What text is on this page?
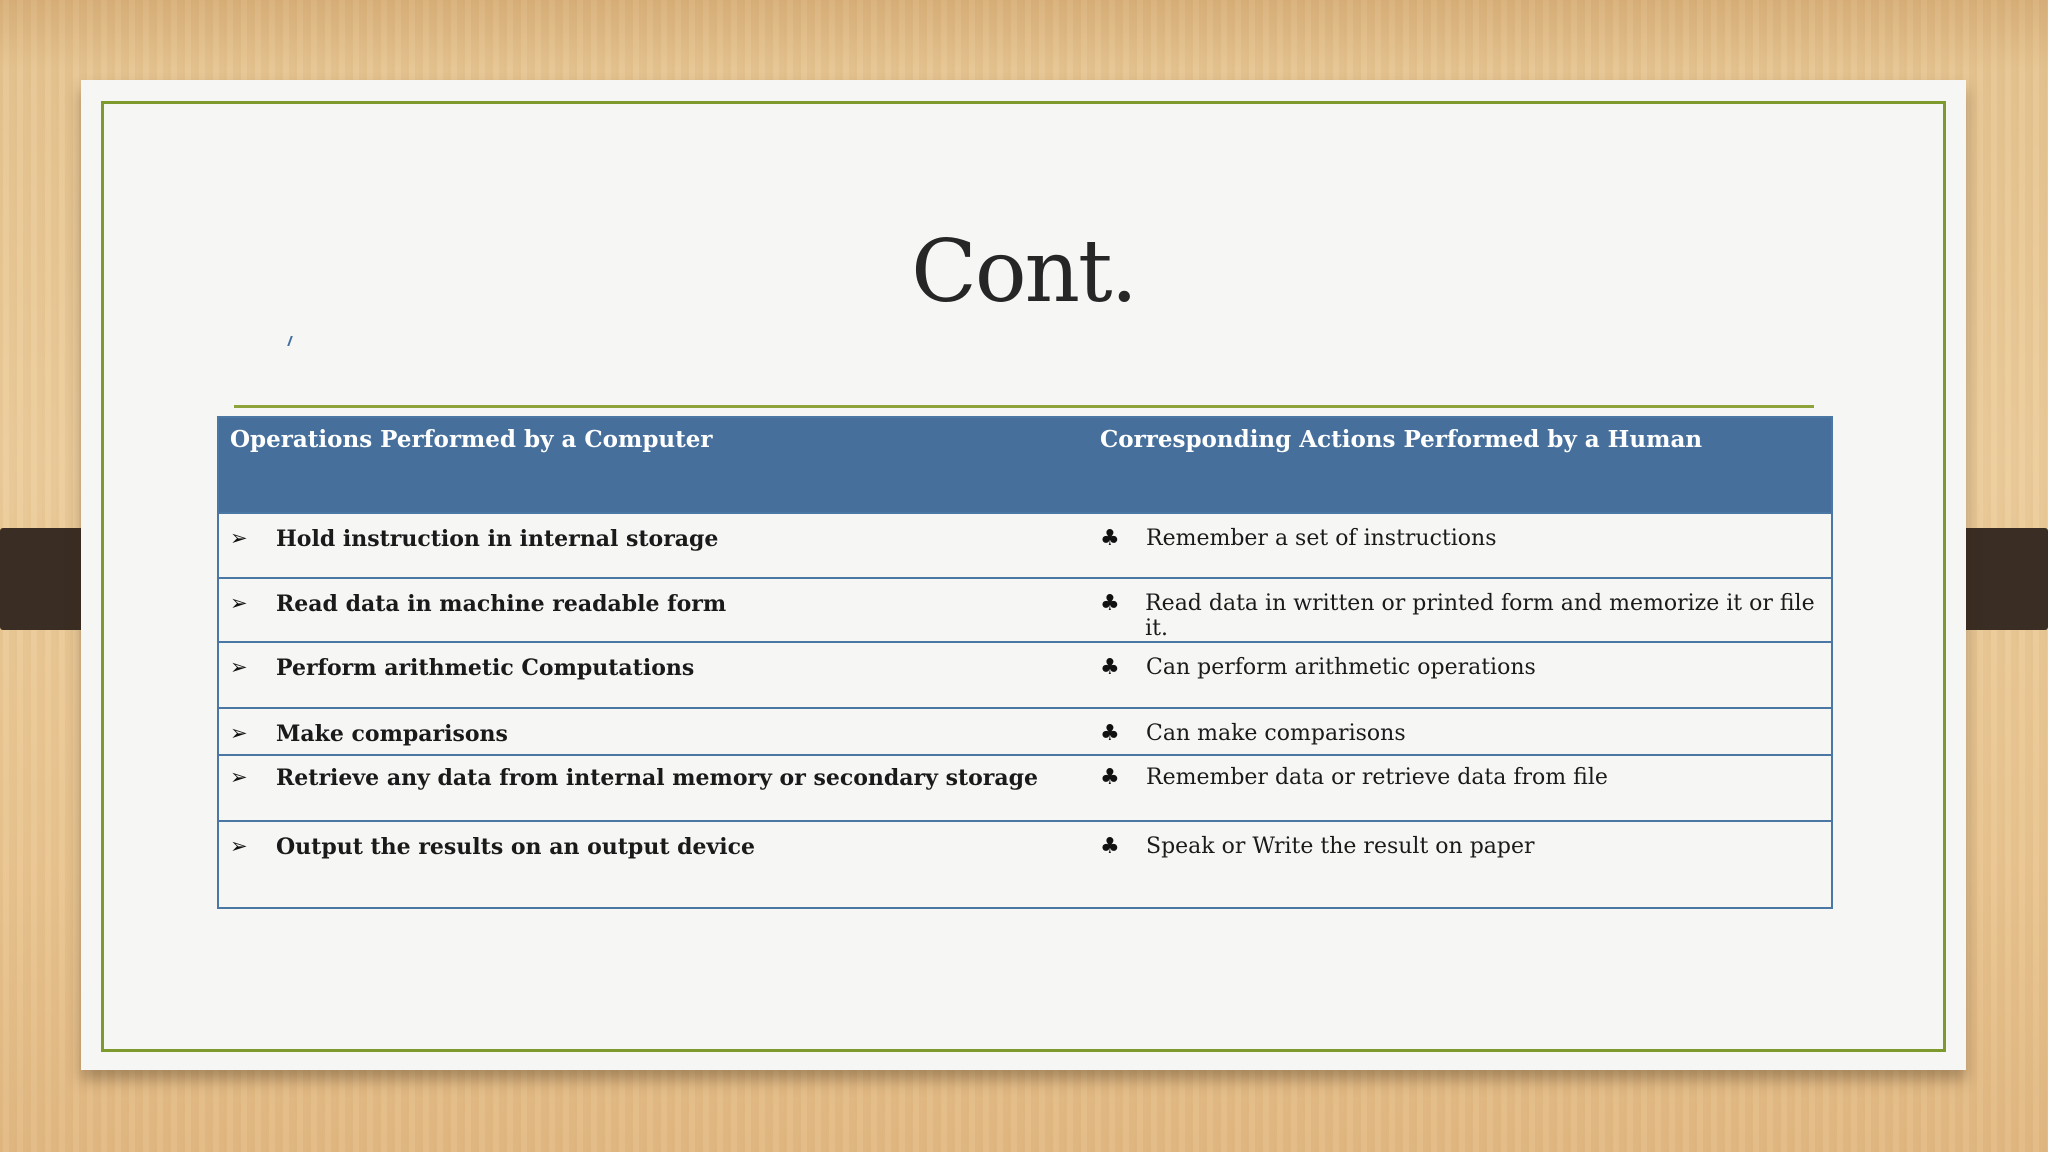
Cont.
Operations Performed by a Computer	Corresponding Actions Performed by a Human

➢ Hold instruction in internal storage	♣ Remember a set of instructions

➢ Read data in machine readable form	♣ Read data in written or printed form and memorize it or file it.

➢ Perform arithmetic Computations	♣ Can perform arithmetic operations

➢ Make comparisons	♣ Can make comparisons

➢ Retrieve any data from internal memory or secondary storage	♣ Remember data or retrieve data from file

➢ Output the results on an output device	♣ Speak or Write the result on paper
